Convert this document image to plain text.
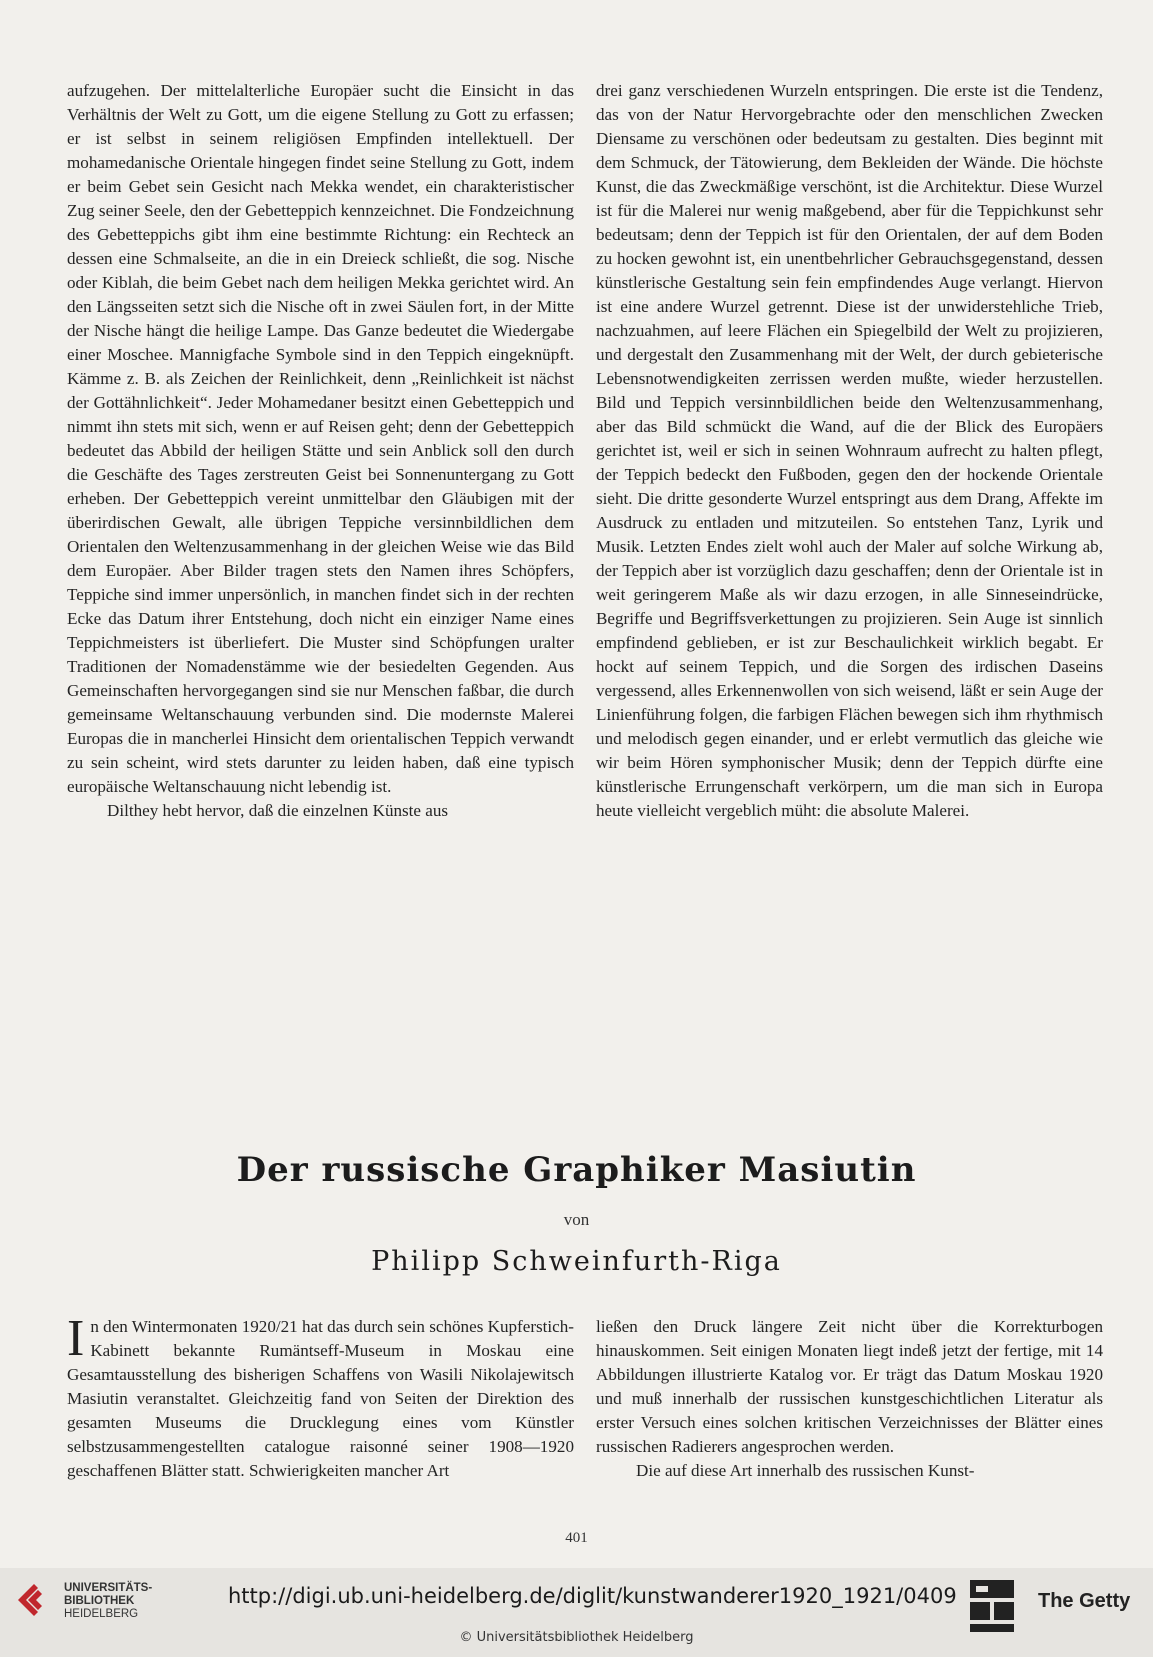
aufzugehen. Der mittelalterliche Europäer sucht die Einsicht in das Verhältnis der Welt zu Gott, um die eigene Stellung zu Gott zu erfassen; er ist selbst in seinem religiösen Empfinden intellektuell. Der mohamedanische Orientale hingegen findet seine Stellung zu Gott, indem er beim Gebet sein Gesicht nach Mekka wendet, ein charakteristischer Zug seiner Seele, den der Gebetteppich kennzeichnet. Die Fondzeichnung des Gebetteppichs gibt ihm eine bestimmte Richtung: ein Rechteck an dessen eine Schmalseite, an die in ein Dreieck schließt, die sog. Nische oder Kiblah, die beim Gebet nach dem heiligen Mekka gerichtet wird. An den Längsseiten setzt sich die Nische oft in zwei Säulen fort, in der Mitte der Nische hängt die heilige Lampe. Das Ganze bedeutet die Wiedergabe einer Moschee. Mannigfache Symbole sind in den Teppich eingeknüpft. Kämme z. B. als Zeichen der Reinlichkeit, denn „Reinlichkeit ist nächst der Gottähnlichkeit“. Jeder Mohamedaner besitzt einen Gebetteppich und nimmt ihn stets mit sich, wenn er auf Reisen geht; denn der Gebetteppich bedeutet das Abbild der heiligen Stätte und sein Anblick soll den durch die Geschäfte des Tages zerstreuten Geist bei Sonnenuntergang zu Gott erheben. Der Gebetteppich vereint unmittelbar den Gläubigen mit der überirdischen Gewalt, alle übrigen Teppiche versinnbildlichen dem Orientalen den Weltenzusammenhang in der gleichen Weise wie das Bild dem Europäer. Aber Bilder tragen stets den Namen ihres Schöpfers, Teppiche sind immer unpersönlich, in manchen findet sich in der rechten Ecke das Datum ihrer Entstehung, doch nicht ein einziger Name eines Teppichmeisters ist überliefert. Die Muster sind Schöpfungen uralter Traditionen der Nomadenstämme wie der besiedelten Gegenden. Aus Gemeinschaften hervorgegangen sind sie nur Menschen faßbar, die durch gemeinsame Weltanschauung verbunden sind. Die modernste Malerei Europas die in mancherlei Hinsicht dem orientalischen Teppich verwandt zu sein scheint, wird stets darunter zu leiden haben, daß eine typisch europäische Weltanschauung nicht lebendig ist.

Dilthey hebt hervor, daß die einzelnen Künste aus

drei ganz verschiedenen Wurzeln entspringen. Die erste ist die Tendenz, das von der Natur Hervorgebrachte oder den menschlichen Zwecken Diensame zu verschönen oder bedeutsam zu gestalten. Dies beginnt mit dem Schmuck, der Tätowierung, dem Bekleiden der Wände. Die höchste Kunst, die das Zweckmäßige verschönt, ist die Architektur. Diese Wurzel ist für die Malerei nur wenig maßgebend, aber für die Teppichkunst sehr bedeutsam; denn der Teppich ist für den Orientalen, der auf dem Boden zu hocken gewohnt ist, ein unentbehrlicher Gebrauchsgegenstand, dessen künstlerische Gestaltung sein fein empfindendes Auge verlangt. Hiervon ist eine andere Wurzel getrennt. Diese ist der unwiderstehliche Trieb, nachzuahmen, auf leere Flächen ein Spiegelbild der Welt zu projizieren, und dergestalt den Zusammenhang mit der Welt, der durch gebieterische Lebensnotwendigkeiten zerrissen werden mußte, wieder herzustellen. Bild und Teppich versinnbildlichen beide den Weltenzusammenhang, aber das Bild schmückt die Wand, auf die der Blick des Europäers gerichtet ist, weil er sich in seinen Wohnraum aufrecht zu halten pflegt, der Teppich bedeckt den Fußboden, gegen den der hockende Orientale sieht. Die dritte gesonderte Wurzel entspringt aus dem Drang, Affekte im Ausdruck zu entladen und mitzuteilen. So entstehen Tanz, Lyrik und Musik. Letzten Endes zielt wohl auch der Maler auf solche Wirkung ab, der Teppich aber ist vorzüglich dazu geschaffen; denn der Orientale ist in weit geringerem Maße als wir dazu erzogen, in alle Sinneseindrücke, Begriffe und Begriffsverkettungen zu projizieren. Sein Auge ist sinnlich empfindend geblieben, er ist zur Beschaulichkeit wirklich begabt. Er hockt auf seinem Teppich, und die Sorgen des irdischen Daseins vergessend, alles Erkennenwollen von sich weisend, läßt er sein Auge der Linienführung folgen, die farbigen Flächen bewegen sich ihm rhythmisch und melodisch gegen einander, und er erlebt vermutlich das gleiche wie wir beim Hören symphonischer Musik; denn der Teppich dürfte eine künstlerische Errungenschaft verkörpern, um die man sich in Europa heute vielleicht vergeblich müht: die absolute Malerei.

Der russische Graphiker Masiutin
von
Philipp Schweinfurth-Riga

In den Wintermonaten 1920/21 hat das durch sein schönes Kupferstich-Kabinett bekannte Rumäntseff-Museum in Moskau eine Gesamtausstellung des bisherigen Schaffens von Wasili Nikolajewitsch Masiutin veranstaltet. Gleichzeitig fand von Seiten der Direktion des gesamten Museums die Drucklegung eines vom Künstler selbstzusammengestellten catalogue raisonné seiner 1908—1920 geschaffenen Blätter statt. Schwierigkeiten mancher Art

ließen den Druck längere Zeit nicht über die Korrekturbogen hinauskommen. Seit einigen Monaten liegt indeß jetzt der fertige, mit 14 Abbildungen illustrierte Katalog vor. Er trägt das Datum Moskau 1920 und muß innerhalb der russischen kunstgeschichtlichen Literatur als erster Versuch eines solchen kritischen Verzeichnisses der Blätter eines russischen Radierers angesprochen werden.

Die auf diese Art innerhalb des russischen Kunst-

401
UNIVERSITÄTS-
BIBLIOTHEK
HEIDELBERG
http://digi.ub.uni-heidelberg.de/diglit/kunstwanderer1920_1921/0409
© Universitätsbibliothek Heidelberg
The Getty
